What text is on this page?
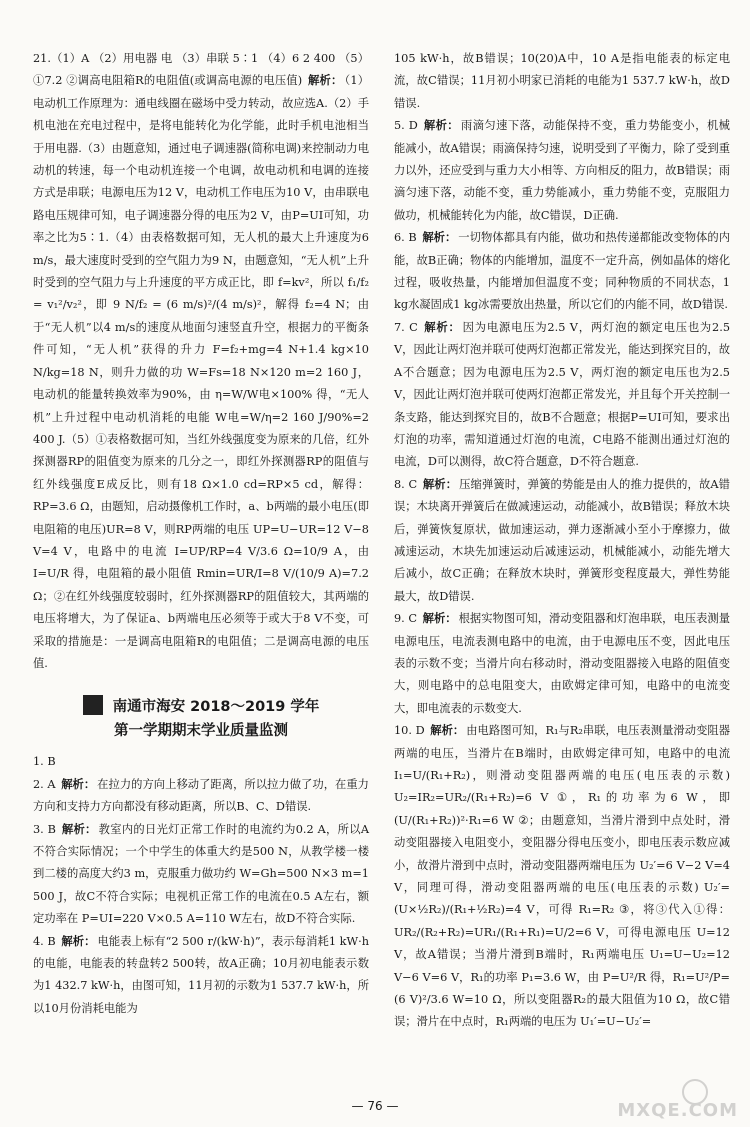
21.（1）A （2）用电器 电 （3）串联 5∶1 （4）6 2 400 （5）①7.2 ②调高电阻箱R的电阻值(或调高电源的电压值) 解析： （1）电动机工作原理为：通电线圈在磁场中受力转动，故应选A.（2）手机电池在充电过程中，是将电能转化为化学能，此时手机电池相当于用电器.（3）由题意知，通过电子调速器(简称电调)来控制动力电动机的转速，每一个电动机连接一个电调，故电动机和电调的连接方式是串联；电源电压为12 V，电动机工作电压为10 V，由串联电路电压规律可知，电子调速器分得的电压为2 V，由P=UI可知，功率之比为5∶1.（4）由表格数据可知，无人机的最大上升速度为6 m/s，最大速度时受到的空气阻力为9 N，由题意知，“无人机”上升时受到的空气阻力与上升速度的平方成正比，即 f=kv²，所以 f₁/f₂ = v₁²/v₂²，即 9 N/f₂ = (6 m/s)²/(4 m/s)²，解得 f₂=4 N；由于“无人机”以4 m/s的速度从地面匀速竖直升空，根据力的平衡条件可知，“无人机”获得的升力 F=f₂+mg=4 N+1.4 kg×10 N/kg=18 N，则升力做的功 W=Fs=18 N×120 m=2 160 J，电动机的能量转换效率为90%，由 η=W/W电×100% 得，“无人机”上升过程中电动机消耗的电能 W电=W/η=2 160 J/90%=2 400 J.（5）①表格数据可知，当红外线强度变为原来的几倍，红外探测器RP的阻值变为原来的几分之一，即红外探测器RP的阻值与红外线强度E成反比，则有18 Ω×1.0 cd=RP×5 cd，解得：RP=3.6 Ω，由题知，启动摄像机工作时，a、b两端的最小电压(即电阻箱的电压)UR=8 V，则RP两端的电压 UP=U−UR=12 V−8 V=4 V，电路中的电流 I=UP/RP=4 V/3.6 Ω=10/9 A，由 I=U/R 得，电阻箱的最小阻值 Rmin=UR/I=8 V/(10/9 A)=7.2 Ω；②在红外线强度较弱时，红外探测器RP的阻值较大，其两端的电压将增大，为了保证a、b两端电压必须等于或大于8 V不变，可采取的措施是：一是调高电阻箱R的电阻值；二是调高电源的电压值.

南通市海安 2018～2019 学年
第一学期期末学业质量监测

1. B

2. A 解析： 在拉力的方向上移动了距离，所以拉力做了功，在重力方向和支持力方向都没有移动距离，所以B、C、D错误.

3. B 解析： 教室内的日光灯正常工作时的电流约为0.2 A，所以A不符合实际情况；一个中学生的体重大约是500 N，从教学楼一楼到二楼的高度大约3 m，克服重力做功约 W=Gh=500 N×3 m=1 500 J，故C不符合实际；电视机正常工作的电流在0.5 A左右，额定功率在 P=UI=220 V×0.5 A=110 W左右，故D不符合实际.

4. B 解析： 电能表上标有“2 500 r/(kW·h)”，表示每消耗1 kW·h的电能，电能表的转盘转2 500转，故A正确；10月初电能表示数为1 432.7 kW·h，由图可知，11月初的示数为1 537.7 kW·h，所以10月份消耗电能为

105 kW·h，故B错误；10(20)A中，10 A是指电能表的标定电流，故C错误；11月初小明家已消耗的电能为1 537.7 kW·h，故D错误.

5. D 解析： 雨滴匀速下落，动能保持不变，重力势能变小，机械能减小，故A错误；雨滴保持匀速，说明受到了平衡力，除了受到重力以外，还应受到与重力大小相等、方向相反的阻力，故B错误；雨滴匀速下落，动能不变，重力势能减小，重力势能不变，克服阻力做功，机械能转化为内能，故C错误，D正确.

6. B 解析： 一切物体都具有内能，做功和热传递都能改变物体的内能，故B正确；物体的内能增加，温度不一定升高，例如晶体的熔化过程，吸收热量，内能增加但温度不变；同种物质的不同状态，1 kg水凝固成1 kg冰需要放出热量，所以它们的内能不同，故D错误.

7. C 解析： 因为电源电压为2.5 V，两灯泡的额定电压也为2.5 V，因此让两灯泡并联可使两灯泡都正常发光，能达到探究目的，故A不合题意；因为电源电压为2.5 V，两灯泡的额定电压也为2.5 V，因此让两灯泡并联可使两灯泡都正常发光，并且每个开关控制一条支路，能达到探究目的，故B不合题意；根据P=UI可知，要求出灯泡的功率，需知道通过灯泡的电流，C电路不能测出通过灯泡的电流，D可以测得，故C符合题意，D不符合题意.

8. C 解析： 压缩弹簧时，弹簧的势能是由人的推力提供的，故A错误；木块离开弹簧后在做减速运动，动能减小，故B错误；释放木块后，弹簧恢复原状，做加速运动，弹力逐渐减小至小于摩擦力，做减速运动，木块先加速运动后减速运动，机械能减小，动能先增大后减小，故C正确；在释放木块时，弹簧形变程度最大，弹性势能最大，故D错误.

9. C 解析： 根据实物图可知，滑动变阻器和灯泡串联，电压表测量电源电压，电流表测电路中的电流，由于电源电压不变，因此电压表的示数不变；当滑片向右移动时，滑动变阻器接入电路的阻值变大，则电路中的总电阻变大，由欧姆定律可知，电路中的电流变大，即电流表的示数变大.

10. D 解析： 由电路图可知，R₁与R₂串联，电压表测量滑动变阻器两端的电压，当滑片在B端时，由欧姆定律可知，电路中的电流 I₁=U/(R₁+R₂)，则滑动变阻器两端的电压(电压表的示数) U₂=IR₂=UR₂/(R₁+R₂)=6 V ①，R₁的功率为6 W，即 (U/(R₁+R₂))²·R₁=6 W ②；由题意知，当滑片滑到中点处时，滑动变阻器接入电阻变小，变阻器分得电压变小，即电压表示数应减小，故滑片滑到中点时，滑动变阻器两端电压为 U₂′=6 V−2 V=4 V，同理可得，滑动变阻器两端的电压(电压表的示数) U₂′=(U×½R₂)/(R₁+½R₂)=4 V，可得 R₁=R₂ ③，将③代入①得：UR₂/(R₂+R₂)=UR₁/(R₁+R₁)=U/2=6 V，可得电源电压 U=12 V，故A错误；当滑片滑到B端时，R₁两端电压 U₁=U−U₂=12 V−6 V=6 V，R₁的功率 P₁=3.6 W，由 P=U²/R 得，R₁=U²/P=(6 V)²/3.6 W=10 Ω，所以变阻器R₂的最大阻值为10 Ω，故C错误；滑片在中点时，R₁两端的电压为 U₁′=U−U₂′=

— 76 —	MXQE.COM
